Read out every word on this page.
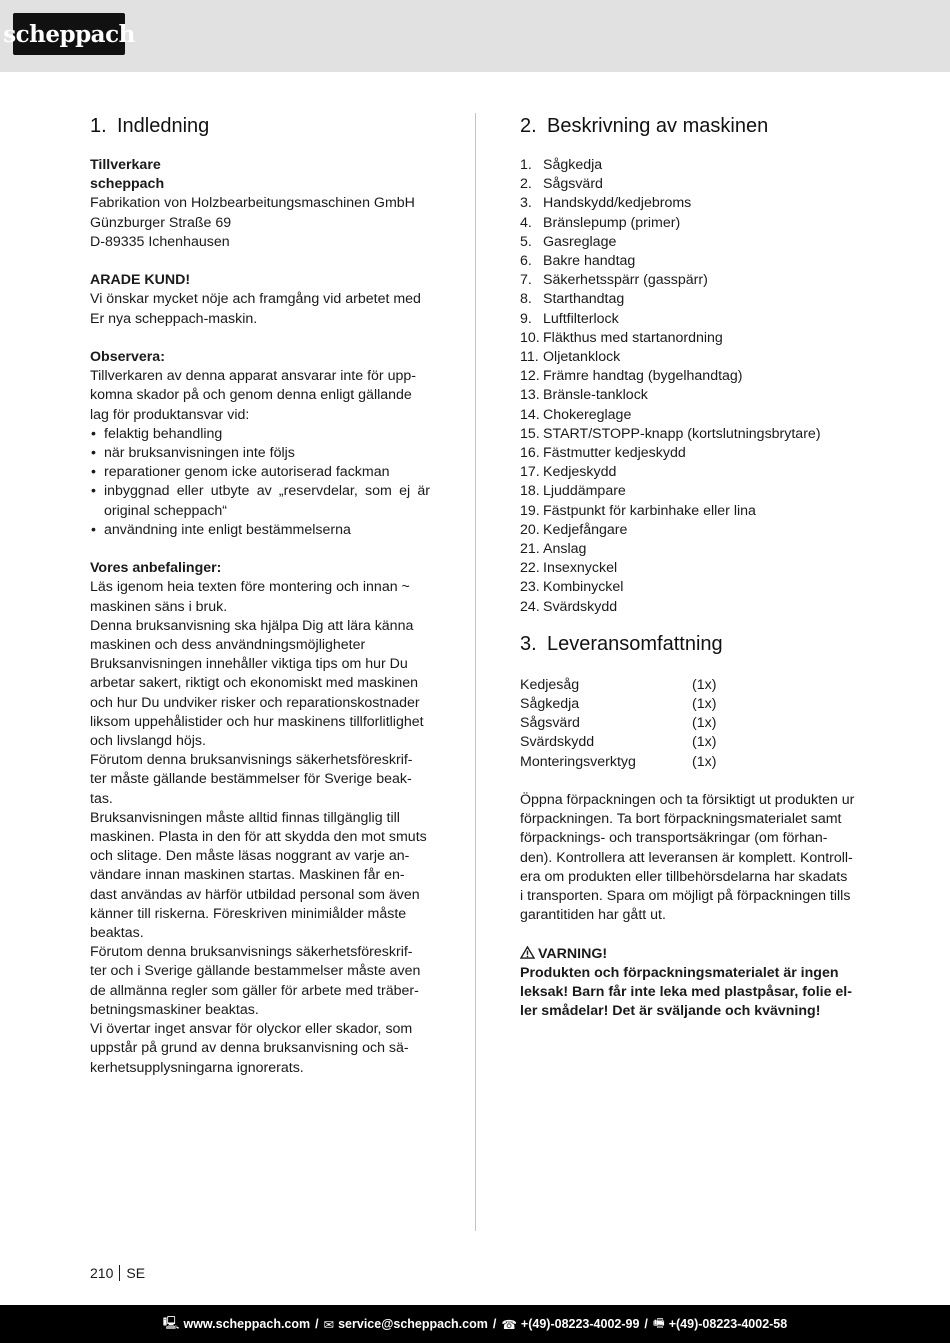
scheppach
1. Indledning
Tillverkare
scheppach
Fabrikation von Holzbearbeitungsmaschinen GmbH
Günzburger Straße 69
D-89335 Ichenhausen
ARADE KUND!
Vi önskar mycket nöje ach framgång vid arbetet med
Er nya scheppach-maskin.
Observera:
Tillverkaren av denna apparat ansvarar inte för upp-
komna skador på och genom denna enligt gällande
lag för produktansvar vid:
• felaktig behandling
• när bruksanvisningen inte följs
• reparationer genom icke autoriserad fackman
• inbyggnad eller utbyte av „reservdelar, som ej är original scheppach“
• användning inte enligt bestämmelserna
Vores anbefalinger:
Läs igenom heia texten före montering och innan ~
maskinen säns i bruk.
Denna bruksanvisning ska hjälpa Dig att lära känna
maskinen och dess användningsmöjligheter
Bruksanvisningen innehåller viktiga tips om hur Du
arbetar sakert, riktigt och ekonomiskt med maskinen
och hur Du undviker risker och reparationskostnader
liksom uppehålistider och hur maskinens tillforlitlighet
och livslangd höjs.
Förutom denna bruksanvisnings säkerhetsföreskrif-
ter måste gällande bestämmelser för Sverige beak-
tas.
Bruksanvisningen måste alltid finnas tillgänglig till
maskinen. Plasta in den för att skydda den mot smuts
och slitage. Den måste läsas noggrant av varje an-
vändare innan maskinen startas. Maskinen får en-
dast användas av härför utbildad personal som även
känner till riskerna. Föreskriven minimiålder måste
beaktas.
Förutom denna bruksanvisnings säkerhetsföreskrif-
ter och i Sverige gällande bestammelser måste aven
de allmänna regler som gäller för arbete med träber-
betningsmaskiner beaktas.
Vi övertar inget ansvar för olyckor eller skador, som
uppstår på grund av denna bruksanvisning och sä-
kerhetsupplysningarna ignorerats.
2. Beskrivning av maskinen
1. Sågkedja
2. Sågsvärd
3. Handskydd/kedjebroms
4. Bränslepump (primer)
5. Gasreglage
6. Bakre handtag
7. Säkerhetsspärr (gasspärr)
8. Starthandtag
9. Luftfilterlock
10. Fläkthus med startanordning
11. Oljetanklock
12. Främre handtag (bygelhandtag)
13. Bränsle-tanklock
14. Chokereglage
15. START/STOPP-knapp (kortslutningsbrytare)
16. Fästmutter kedjeskydd
17. Kedjeskydd
18. Ljuddämpare
19. Fästpunkt för karbinhake eller lina
20. Kedjefångare
21. Anslag
22. Insexnyckel
23. Kombinyckel
24. Svärdskydd
3. Leveransomfattning
Kedjesåg	(1x)
Sågkedja	(1x)
Sågsvärd	(1x)
Svärdskydd	(1x)
Monteringsverktyg	(1x)
Öppna förpackningen och ta försiktigt ut produkten ur
förpackningen. Ta bort förpackningsmaterialet samt
förpacknings- och transportsäkringar (om förhan-
den). Kontrollera att leveransen är komplett. Kontroll-
era om produkten eller tillbehörsdelarna har skadats
i transporten. Spara om möjligt på förpackningen tills
garantitiden har gått ut.
VARNING!
Produkten och förpackningsmaterialet är ingen
leksak! Barn får inte leka med plastpåsar, folie el-
ler smådelar! Det är sväljande och kvävning!
210 SE
🖳 www.scheppach.com / ✉ service@scheppach.com / ☎ +(49)-08223-4002-99 / 🖷 +(49)-08223-4002-58
